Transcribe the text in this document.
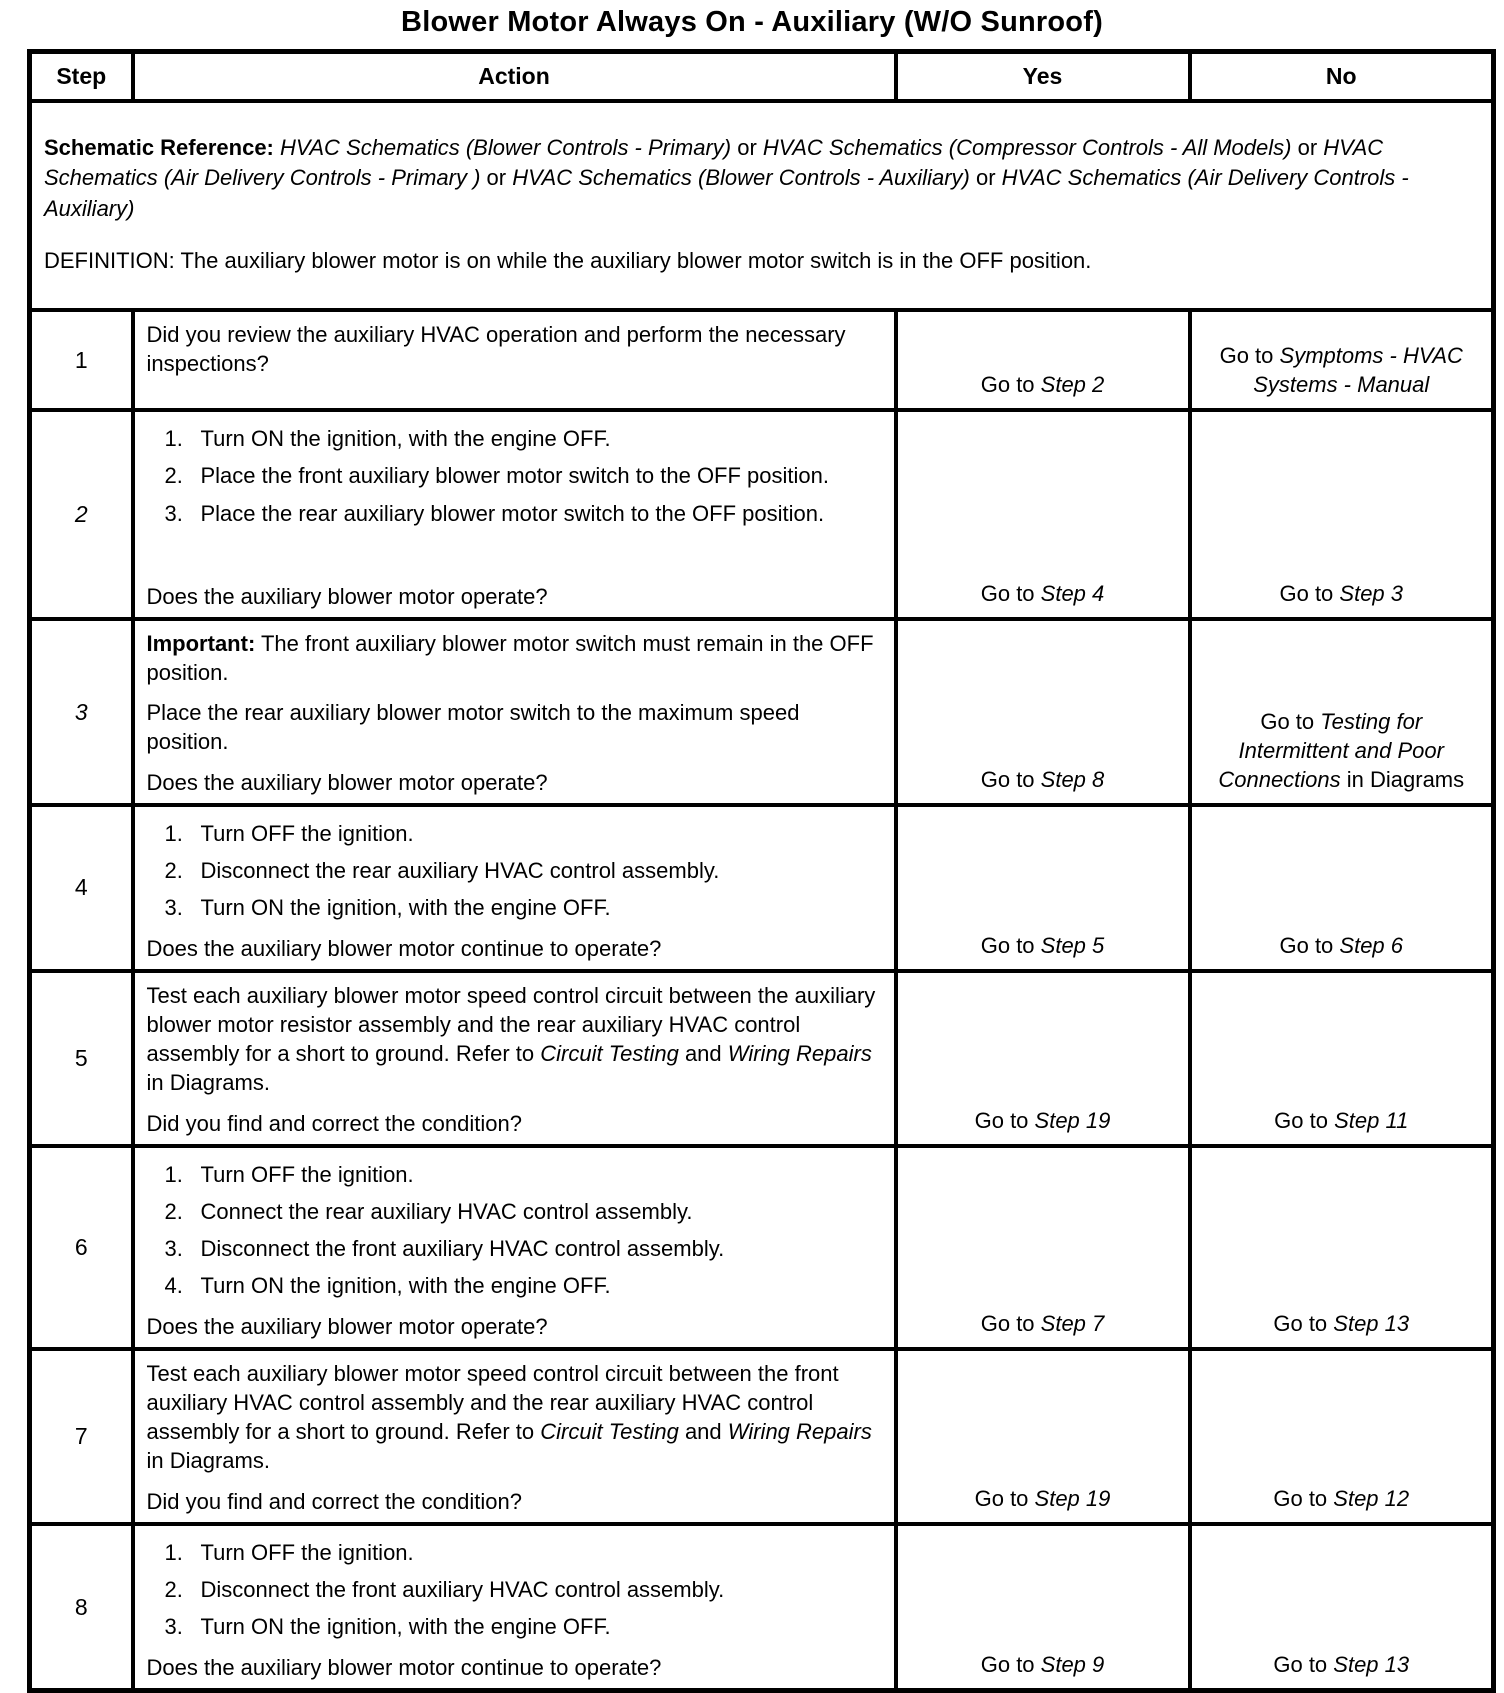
Blower Motor Always On - Auxiliary (W/O Sunroof)
Step	Action	Yes	No

Schematic Reference: HVAC Schematics (Blower Controls - Primary) or HVAC Schematics (Compressor Controls - All Models) or HVAC Schematics (Air Delivery Controls - Primary ) or HVAC Schematics (Blower Controls - Auxiliary) or HVAC Schematics (Air Delivery Controls - Auxiliary)

DEFINITION: The auxiliary blower motor is on while the auxiliary blower motor switch is in the OFF position.			

1	Did you review the auxiliary HVAC operation and perform the necessary inspections?	Go to Step 2	Go to Symptoms - HVAC Systems - Manual

2	
1. Turn ON the ignition, with the engine OFF.
2. Place the front auxiliary blower motor switch to the OFF position.
3. Place the rear auxiliary blower motor switch to the OFF position.
Does the auxiliary blower motor operate?	Go to Step 4	Go to Step 3

3	Important: The front auxiliary blower motor switch must remain in the OFF position.
Place the rear auxiliary blower motor switch to the maximum speed position.
Does the auxiliary blower motor operate?	Go to Step 8	Go to Testing for Intermittent and Poor Connections in Diagrams

4	
1. Turn OFF the ignition.
2. Disconnect the rear auxiliary HVAC control assembly.
3. Turn ON the ignition, with the engine OFF.
Does the auxiliary blower motor continue to operate?	Go to Step 5	Go to Step 6

5	Test each auxiliary blower motor speed control circuit between the auxiliary blower motor resistor assembly and the rear auxiliary HVAC control assembly for a short to ground. Refer to Circuit Testing and Wiring Repairs in Diagrams.
Did you find and correct the condition?	Go to Step 19	Go to Step 11

6	
1. Turn OFF the ignition.
2. Connect the rear auxiliary HVAC control assembly.
3. Disconnect the front auxiliary HVAC control assembly.
4. Turn ON the ignition, with the engine OFF.
Does the auxiliary blower motor operate?	Go to Step 7	Go to Step 13

7	Test each auxiliary blower motor speed control circuit between the front auxiliary HVAC control assembly and the rear auxiliary HVAC control assembly for a short to ground. Refer to Circuit Testing and Wiring Repairs in Diagrams.
Did you find and correct the condition?	Go to Step 19	Go to Step 12

8	
1. Turn OFF the ignition.
2. Disconnect the front auxiliary HVAC control assembly.
3. Turn ON the ignition, with the engine OFF.
Does the auxiliary blower motor continue to operate?	Go to Step 9	Go to Step 13
